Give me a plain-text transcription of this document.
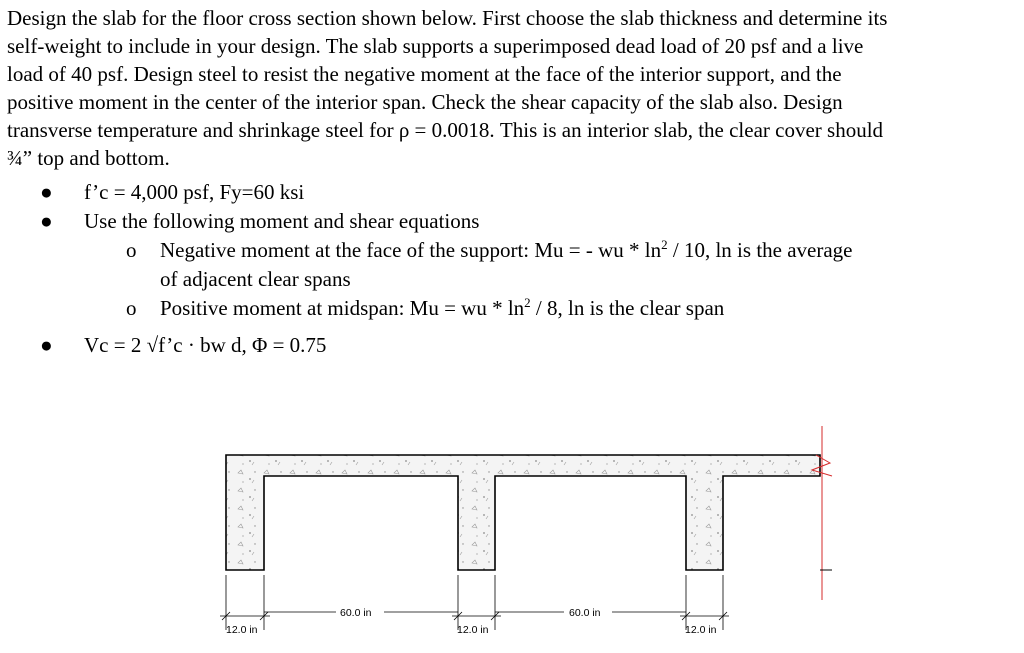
Design the slab for the floor cross section shown below. First choose the slab thickness and determine its

self-weight to include in your design. The slab supports a superimposed dead load of 20 psf and a live

load of 40 psf. Design steel to resist the negative moment at the face of the interior support, and the

positive moment in the center of the interior span. Check the shear capacity of the slab also. Design

transverse temperature and shrinkage steel for ρ = 0.0018. This is an interior slab, the clear cover should

¾” top and bottom.

● f’c = 4,000 psf, Fy=60 ksi
● Use the following moment and shear equations
o Negative moment at the face of the support: Mu = - wu * $\ln^2 / 10$, ln is the average
of adjacent clear spans
o Positive moment at midspan: Mu = wu * $\ln^2 / 8$, ln is the clear span
● Vc = 2 √f’c · bw d, Φ = 0.75
12.0 in	12.0 in	12.0 in
60.0 in	60.0 in
